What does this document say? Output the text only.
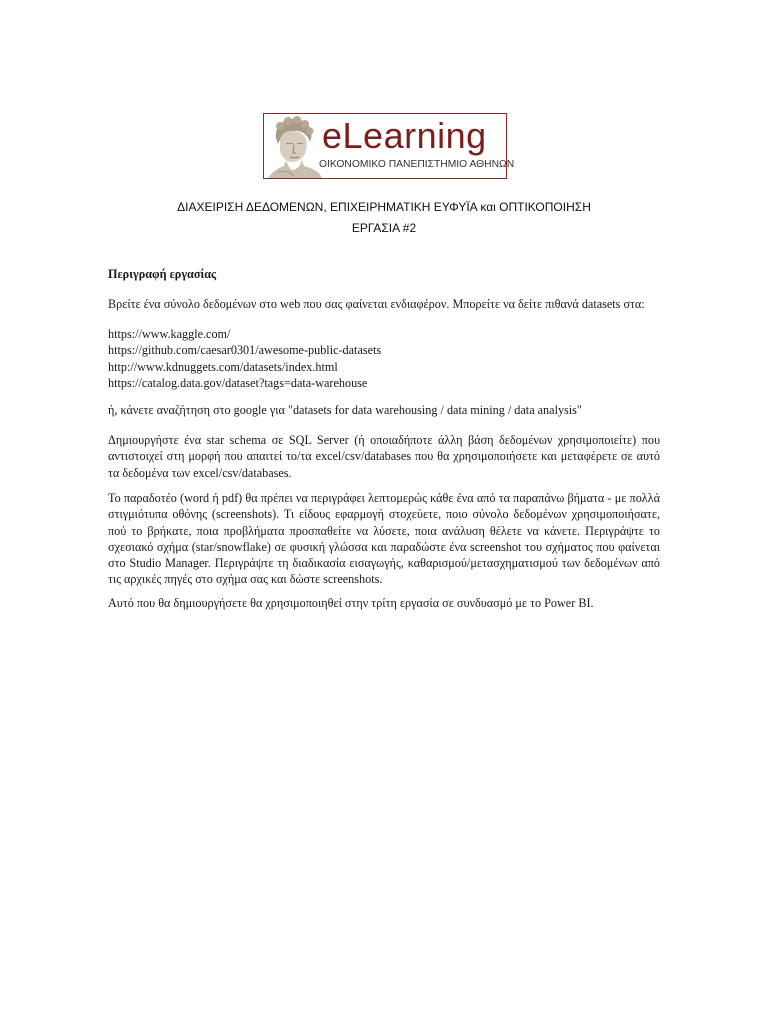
eLearning
ΟΙΚΟΝΟΜΙΚΟ ΠΑΝΕΠΙΣΤΗΜΙΟ ΑΘΗΝΩΝ
ΔΙΑΧΕΙΡΙΣΗ ΔΕΔΟΜΕΝΩΝ, ΕΠΙΧΕΙΡΗΜΑΤΙΚΗ ΕΥΦΥΪΑ και ΟΠΤΙΚΟΠΟΙΗΣΗ
ΕΡΓΑΣΙΑ #2
Περιγραφή εργασίας
Βρείτε ένα σύνολο δεδομένων στο web που σας φαίνεται ενδιαφέρον. Μπορείτε να δείτε πιθανά datasets στα:
https://www.kaggle.com/
https://github.com/caesar0301/awesome-public-datasets
http://www.kdnuggets.com/datasets/index.html
https://catalog.data.gov/dataset?tags=data-warehouse
ή, κάνετε αναζήτηση στο google για "datasets for data warehousing / data mining / data analysis"
Δημιουργήστε ένα star schema σε SQL Server (ή οποιαδήποτε άλλη βάση δεδομένων χρησιμοποιείτε) που αντιστοιχεί στη μορφή που απαιτεί το/τα excel/csv/databases που θα χρησιμοποιήσετε και μεταφέρετε σε αυτό τα δεδομένα των excel/csv/databases.
Το παραδοτέο (word ή pdf) θα πρέπει να περιγράφει λεπτομερώς κάθε ένα από τα παραπάνω βήματα - με πολλά στιγμιότυπα οθόνης (screenshots). Τι είδους εφαρμογή στοχεύετε, ποιο σύνολο δεδομένων χρησιμοποιήσατε, πού το βρήκατε, ποια προβλήματα προσπαθείτε να λύσετε, ποια ανάλυση θέλετε να κάνετε. Περιγράψτε το σχεσιακό σχήμα (star/snowflake) σε φυσική γλώσσα και παραδώστε ένα screenshot του σχήματος που φαίνεται στο Studio Manager. Περιγράψτε τη διαδικασία εισαγωγής, καθαρισμού/μετασχηματισμού των δεδομένων από τις αρχικές πηγές στο σχήμα σας και δώστε screenshots.
Αυτό που θα δημιουργήσετε θα χρησιμοποιηθεί στην τρίτη εργασία σε συνδυασμό με το Power BI.
